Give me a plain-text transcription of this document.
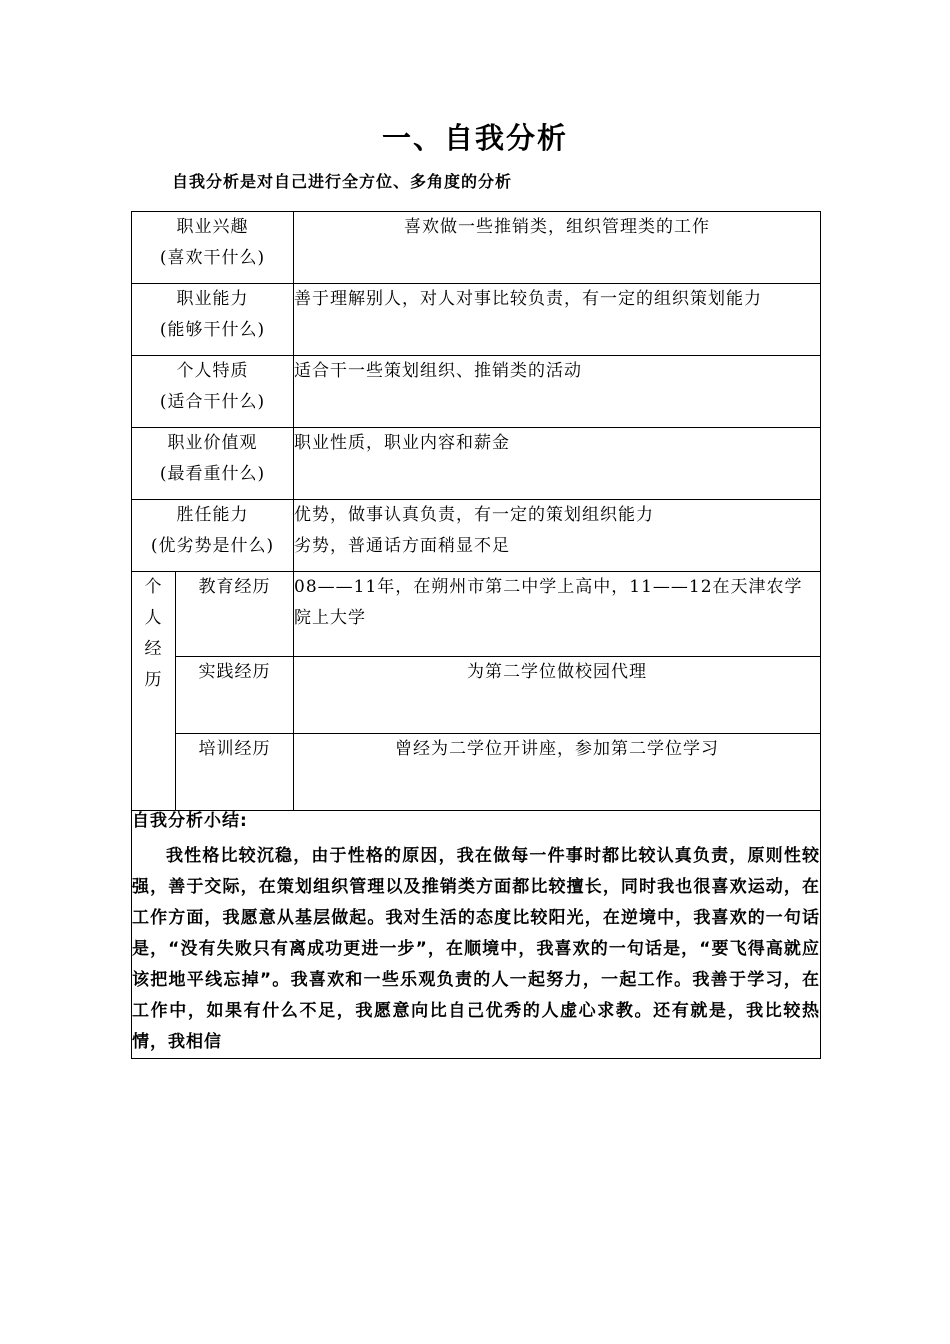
一、自我分析
自我分析是对自己进行全方位、多角度的分析
职业兴趣
(喜欢干什么)		喜欢做一些推销类，组织管理类的工作

职业能力
(能够干什么)		善于理解别人，对人对事比较负责，有一定的组织策划能力

个人特质
(适合干什么)		适合干一些策划组织、推销类的活动

职业价值观
(最看重什么)		职业性质，职业内容和薪金

胜任能力
(优劣势是什么)		优势，做事认真负责，有一定的策划组织能力
劣势，普通话方面稍显不足

个
人
经
历	教育经历	08——11年，在朔州市第二中学上高中，11——12在天津农学院上大学
	实践经历	为第二学位做校园代理
	培训经历	曾经为二学位开讲座，参加第二学位学习

自我分析小结:
我性格比较沉稳，由于性格的原因，我在做每一件事时都比较认真负责，原则性较强，善于交际，在策划组织管理以及推销类方面都比较擅长，同时我也很喜欢运动，在工作方面，我愿意从基层做起。我对生活的态度比较阳光，在逆境中，我喜欢的一句话是，“没有失败只有离成功更进一步”，在顺境中，我喜欢的一句话是，“要飞得高就应该把地平线忘掉”。我喜欢和一些乐观负责的人一起努力，一起工作。我善于学习，在工作中，如果有什么不足，我愿意向比自己优秀的人虚心求教。还有就是，我比较热情，我相信		
